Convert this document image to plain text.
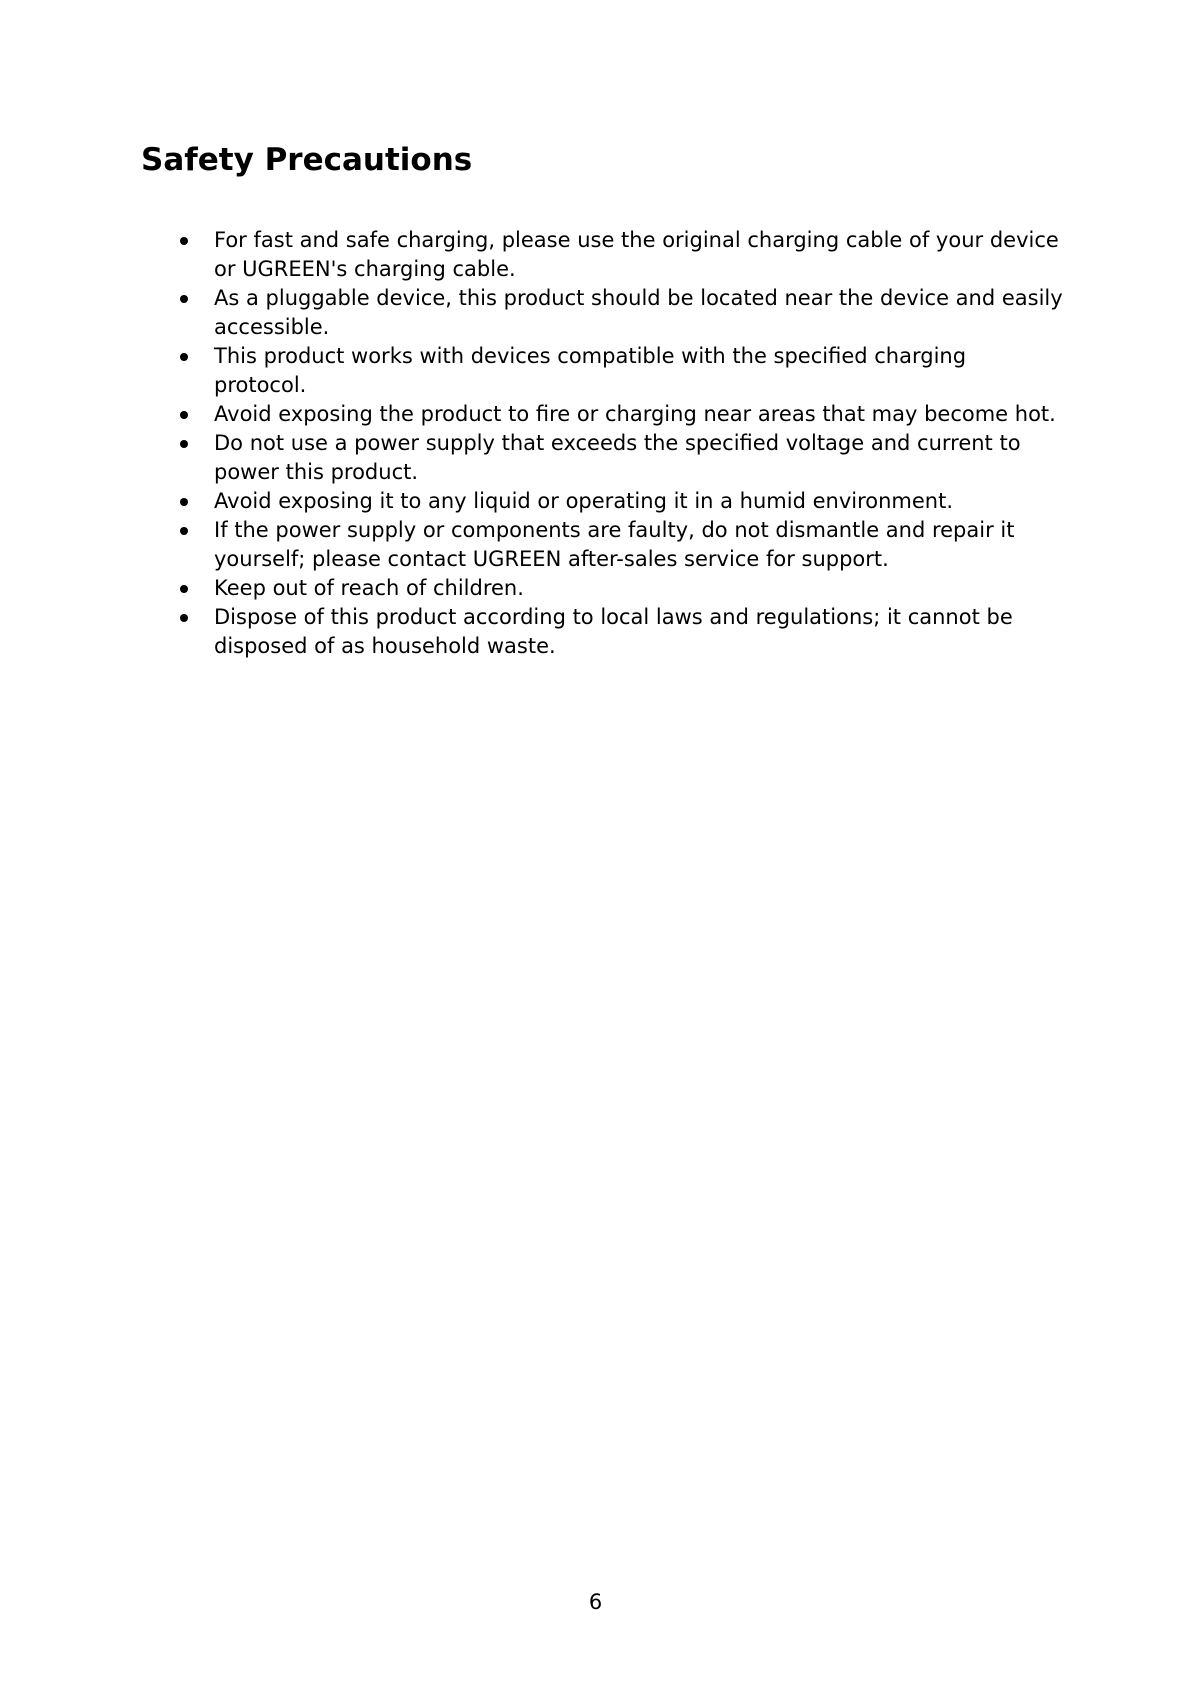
Safety Precautions
For fast and safe charging, please use the original charging cable of your device or UGREEN's charging cable.
As a pluggable device, this product should be located near the device and easily accessible.
This product works with devices compatible with the specified charging protocol.
Avoid exposing the product to fire or charging near areas that may become hot.
Do not use a power supply that exceeds the specified voltage and current to power this product.
Avoid exposing it to any liquid or operating it in a humid environment.
If the power supply or components are faulty, do not dismantle and repair it yourself; please contact UGREEN after-sales service for support.
Keep out of reach of children.
Dispose of this product according to local laws and regulations; it cannot be disposed of as household waste.
6
